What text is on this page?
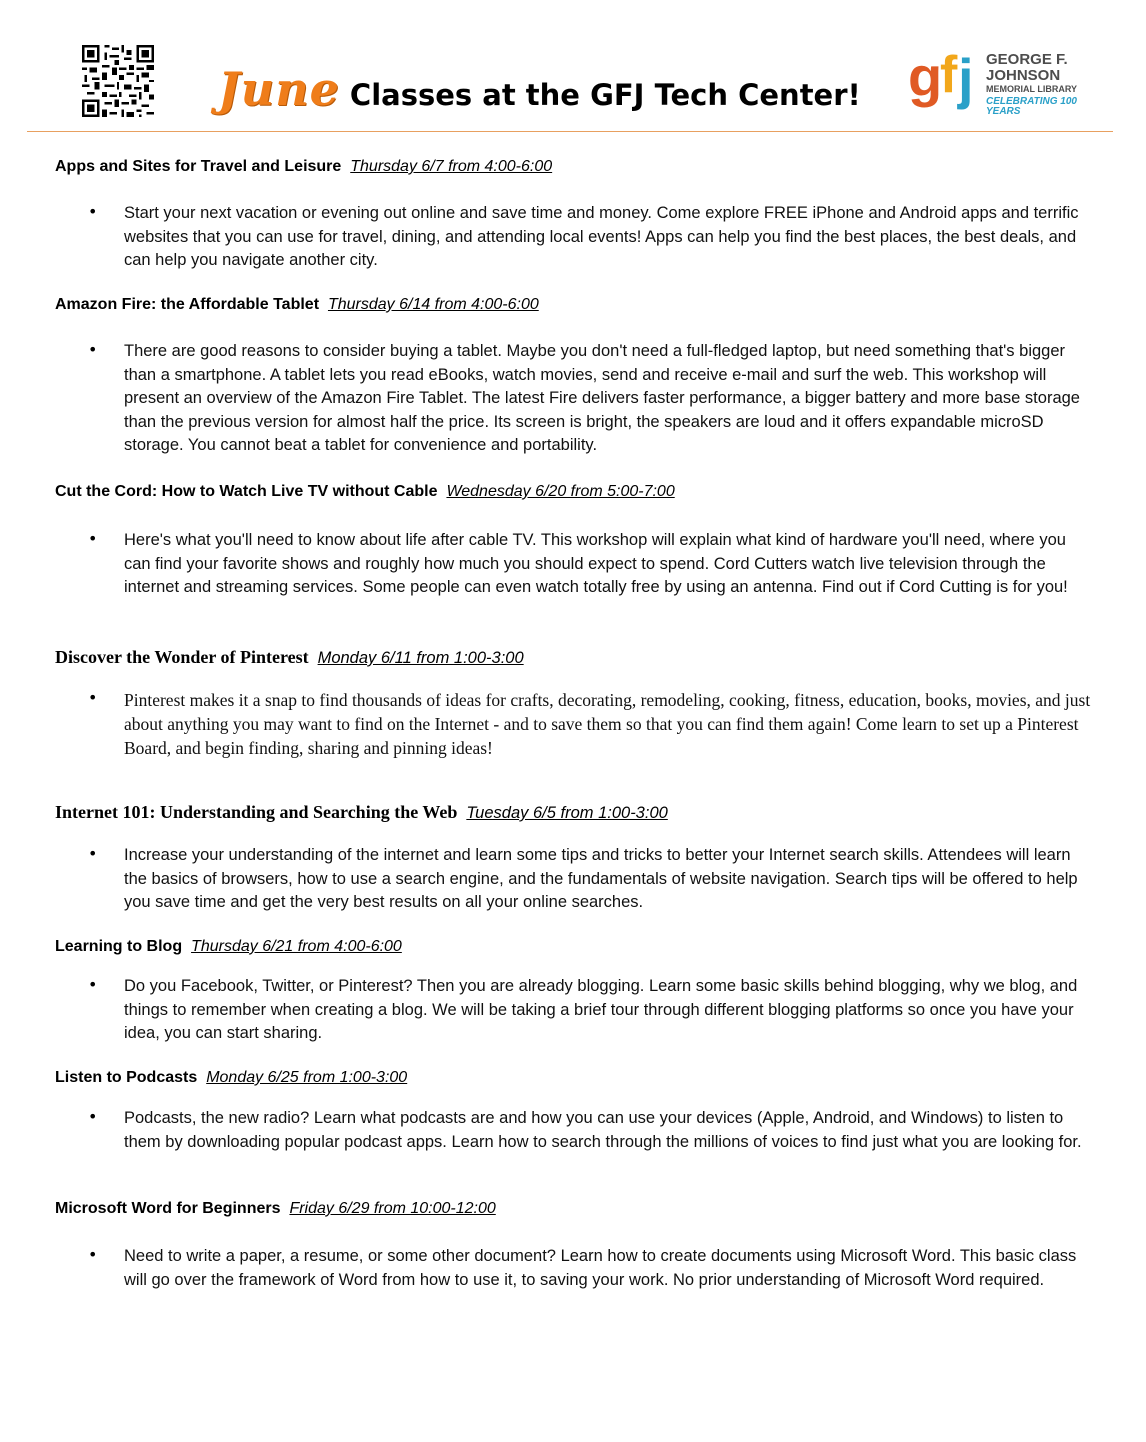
June Classes at the GFJ Tech Center! g
f j GEORGE F.
JOHNSON
MEMORIAL LIBRARY
CELEBRATING 100 YEARS

Apps and Sites for Travel and Leisure Thursday 6/7 from 4:00-6:00

•	Start your next vacation or evening out online and save time and money. Come explore FREE iPhone and Android apps and terrific websites that you can use for travel, dining, and attending local events! Apps can help you find the best places, the best deals, and can help you navigate another city.

Amazon Fire: the Affordable Tablet Thursday 6/14 from 4:00-6:00

•	There are good reasons to consider buying a tablet. Maybe you don't need a full-fledged laptop, but need something that's bigger than a smartphone. A tablet lets you read eBooks, watch movies, send and receive e-mail and surf the web. This workshop will present an overview of the Amazon Fire Tablet. The latest Fire delivers faster performance, a bigger battery and more base storage than the previous version for almost half the price. Its screen is bright, the speakers are loud and it offers expandable microSD storage. You cannot beat a tablet for convenience and portability.

Cut the Cord: How to Watch Live TV without Cable Wednesday 6/20 from 5:00-7:00

•	Here's what you'll need to know about life after cable TV. This workshop will explain what kind of hardware you'll need, where you can find your favorite shows and roughly how much you should expect to spend. Cord Cutters watch live television through the internet and streaming services. Some people can even watch totally free by using an antenna. Find out if Cord Cutting is for you!

Discover the Wonder of Pinterest Monday 6/11 from 1:00-3:00

•	Pinterest makes it a snap to find thousands of ideas for crafts, decorating, remodeling, cooking, fitness, education, books, movies, and just about anything you may want to find on the Internet - and to save them so that you can find them again! Come learn to set up a Pinterest Board, and begin finding, sharing and pinning ideas!

Internet 101: Understanding and Searching the Web Tuesday 6/5 from 1:00-3:00

•	Increase your understanding of the internet and learn some tips and tricks to better your Internet search skills. Attendees will learn the basics of browsers, how to use a search engine, and the fundamentals of website navigation. Search tips will be offered to help you save time and get the very best results on all your online searches.

Learning to Blog Thursday 6/21 from 4:00-6:00

•	Do you Facebook, Twitter, or Pinterest? Then you are already blogging. Learn some basic skills behind blogging, why we blog, and things to remember when creating a blog. We will be taking a brief tour through different blogging platforms so once you have your idea, you can start sharing.

Listen to Podcasts Monday 6/25 from 1:00-3:00

•	Podcasts, the new radio? Learn what podcasts are and how you can use your devices (Apple, Android, and Windows) to listen to them by downloading popular podcast apps. Learn how to search through the millions of voices to find just what you are looking for.

Microsoft Word for Beginners Friday 6/29 from 10:00-12:00

•	Need to write a paper, a resume, or some other document? Learn how to create documents using Microsoft Word. This basic class will go over the framework of Word from how to use it, to saving your work. No prior understanding of Microsoft Word required.
